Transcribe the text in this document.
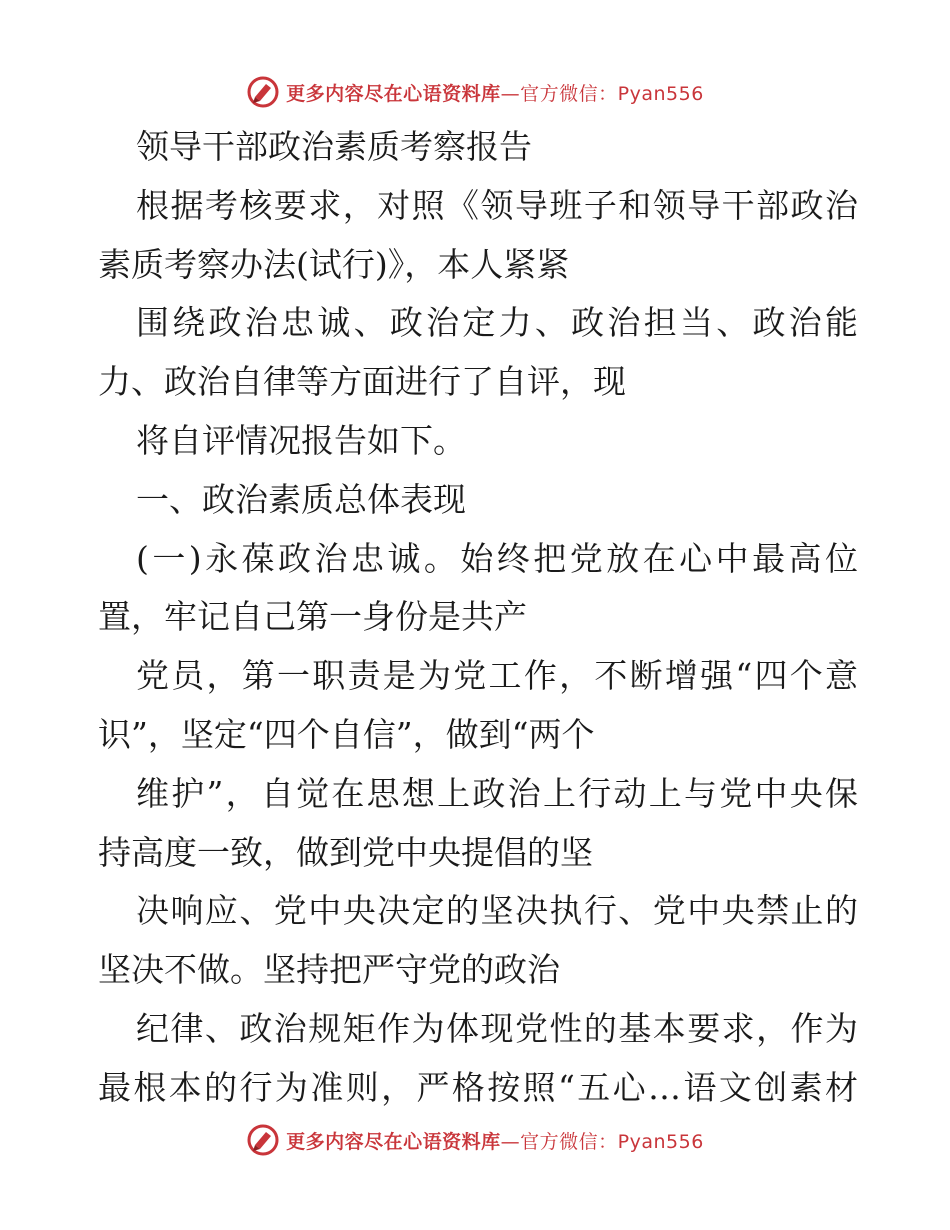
更多内容尽在心语资料库—官方微信：Pyan556
领导干部政治素质考察报告
根据考核要求，对照《领导班子和领导干部政治
素质考察办法(试行)》，本人紧紧
围绕政治忠诚、政治定力、政治担当、政治能
力、政治自律等方面进行了自评，现
将自评情况报告如下。
一、政治素质总体表现
(一)永葆政治忠诚。始终把党放在心中最高位
置，牢记自己第一身份是共产
党员，第一职责是为党工作，不断增强“四个意
识”，坚定“四个自信”，做到“两个
维护”，自觉在思想上政治上行动上与党中央保
持高度一致，做到党中央提倡的坚
决响应、党中央决定的坚决执行、党中央禁止的
坚决不做。坚持把严守党的政治
纪律、政治规矩作为体现党性的基本要求，作为
最根本的行为准则，严格按照“五心…语文创素材
更多内容尽在心语资料库—官方微信：Pyan556
